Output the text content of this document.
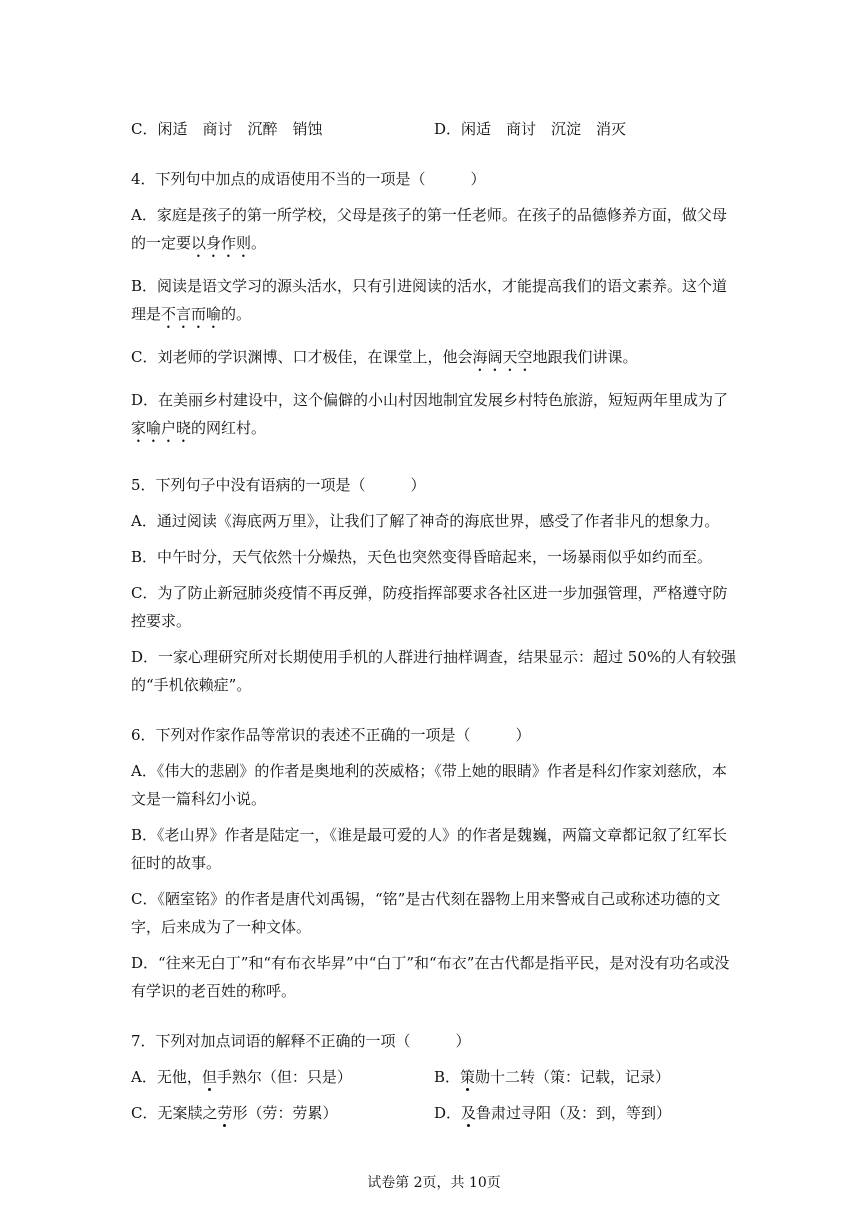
C．闲适　商讨　沉醉　销蚀	D．闲适　商讨　沉淀　消灭
4．下列句中加点的成语使用不当的一项是（　　　）
A．家庭是孩子的第一所学校，父母是孩子的第一任老师。在孩子的品德修养方面，做父母
的一定要以身作则。
B．阅读是语文学习的源头活水，只有引进阅读的活水，才能提高我们的语文素养。这个道
理是不言而喻的。
C．刘老师的学识渊博、口才极佳，在课堂上，他会海阔天空地跟我们讲课。
D．在美丽乡村建设中，这个偏僻的小山村因地制宜发展乡村特色旅游，短短两年里成为了
家喻户晓的网红村。
5．下列句子中没有语病的一项是（　　　）
A．通过阅读《海底两万里》，让我们了解了神奇的海底世界，感受了作者非凡的想象力。
B．中午时分，天气依然十分燥热，天色也突然变得昏暗起来，一场暴雨似乎如约而至。
C．为了防止新冠肺炎疫情不再反弹，防疫指挥部要求各社区进一步加强管理，严格遵守防
控要求。
D．一家心理研究所对长期使用手机的人群进行抽样调查，结果显示：超过 50%的人有较强
的“手机依赖症”。
6．下列对作家作品等常识的表述不正确的一项是（　　　）
A．《伟大的悲剧》的作者是奥地利的茨威格；《带上她的眼睛》作者是科幻作家刘慈欣，本
文是一篇科幻小说。
B．《老山界》作者是陆定一，《谁是最可爱的人》的作者是魏巍，两篇文章都记叙了红军长
征时的故事。
C．《陋室铭》的作者是唐代刘禹锡，“铭”是古代刻在器物上用来警戒自己或称述功德的文
字，后来成为了一种文体。
D．“往来无白丁”和“有布衣毕昇”中“白丁”和“布衣”在古代都是指平民，是对没有功名或没
有学识的老百姓的称呼。
7．下列对加点词语的解释不正确的一项（　　　）
A．无他，但手熟尔（但：只是）	B．策勋十二转（策：记载，记录）
C．无案牍之劳形（劳：劳累）	D．及鲁肃过寻阳（及：到，等到）
试卷第 2页，共 10页
